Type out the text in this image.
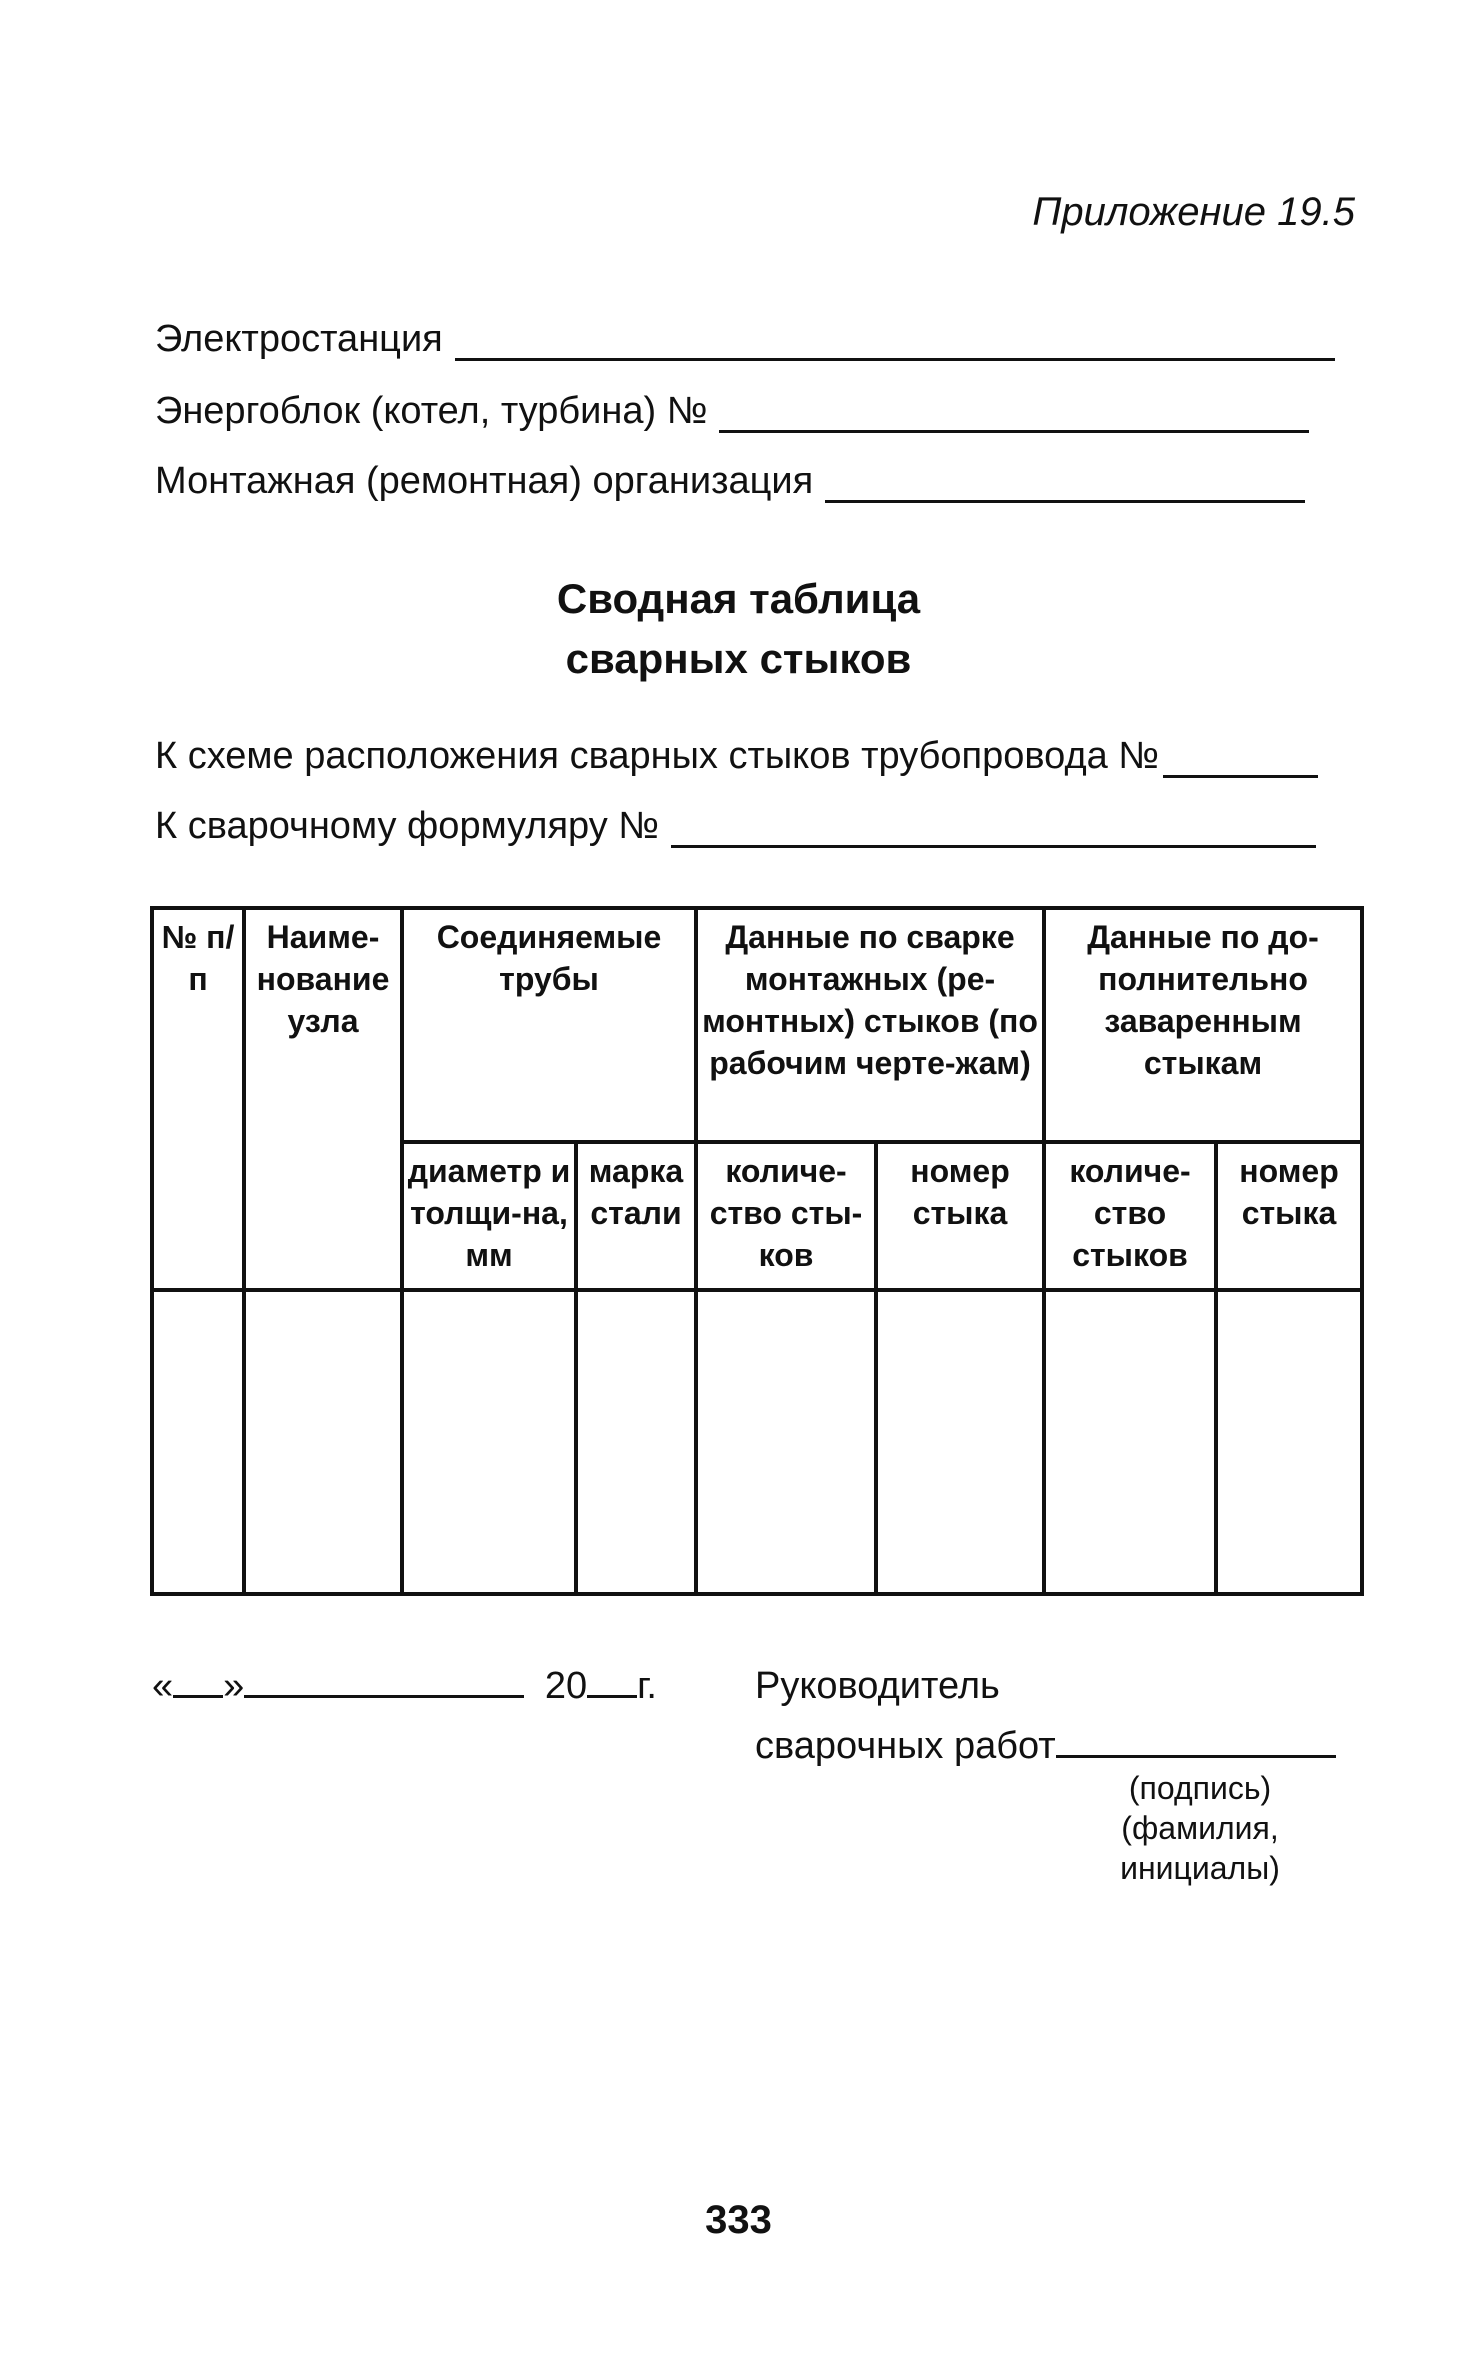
Приложение 19.5
Электростанция
Энергоблок (котел, турбина) №
Монтажная (ремонтная) организация
Сводная таблица
сварных стыков
К схеме расположения сварных стыков трубопровода №
К сварочному формуляру №
№ п/п	Наиме-нование узла	Соединяемые трубы		Данные по сварке монтажных (ре-монтных) стыков (по рабочим черте-жам)		Данные по до-полнительно заваренным стыкам	
		диаметр и толщи-на, мм	марка стали	количе-ство сты-ков	номер стыка	количе-ство стыков	номер стыка

« »	20 г.	Руководитель
сварочных работ
(подпись)
(фамилия,
инициалы)
333
